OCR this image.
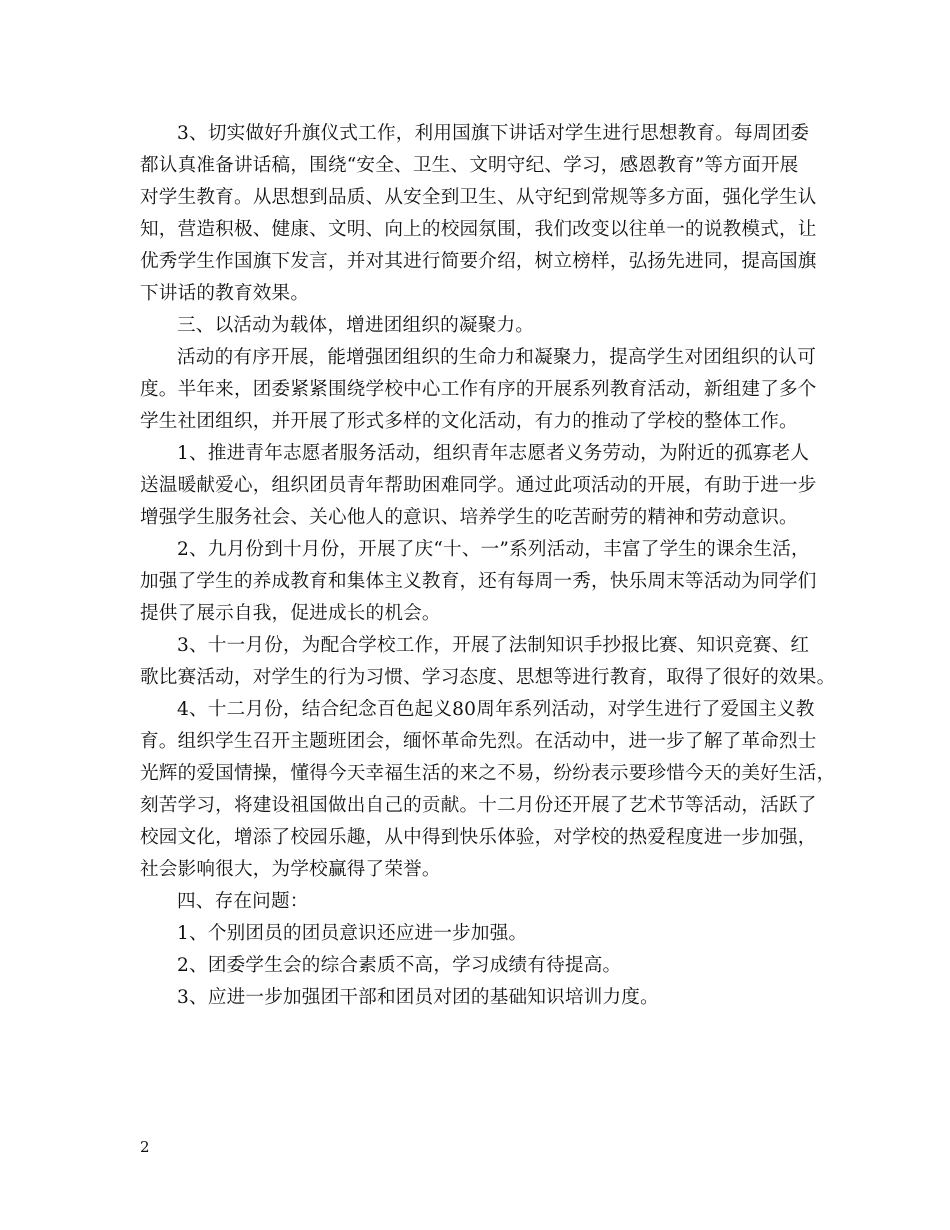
3、切实做好升旗仪式工作，利用国旗下讲话对学生进行思想教育。每周团委
都认真准备讲话稿，围绕“安全、卫生、文明守纪、学习，感恩教育”等方面开展
对学生教育。从思想到品质、从安全到卫生、从守纪到常规等多方面，强化学生认
知，营造积极、健康、文明、向上的校园氛围，我们改变以往单一的说教模式，让
优秀学生作国旗下发言，并对其进行简要介绍，树立榜样，弘扬先进同，提高国旗
下讲话的教育效果。
三、以活动为载体，增进团组织的凝聚力。
活动的有序开展，能增强团组织的生命力和凝聚力，提高学生对团组织的认可
度。半年来，团委紧紧围绕学校中心工作有序的开展系列教育活动，新组建了多个
学生社团组织，并开展了形式多样的文化活动，有力的推动了学校的整体工作。
1、推进青年志愿者服务活动，组织青年志愿者义务劳动，为附近的孤寡老人
送温暖献爱心，组织团员青年帮助困难同学。通过此项活动的开展，有助于进一步
增强学生服务社会、关心他人的意识、培养学生的吃苦耐劳的精神和劳动意识。
2、九月份到十月份，开展了庆“十、一”系列活动，丰富了学生的课余生活，
加强了学生的养成教育和集体主义教育，还有每周一秀，快乐周末等活动为同学们
提供了展示自我，促进成长的机会。
3、十一月份，为配合学校工作，开展了法制知识手抄报比赛、知识竞赛、红
歌比赛活动，对学生的行为习惯、学习态度、思想等进行教育，取得了很好的效果。
4、十二月份，结合纪念百色起义80周年系列活动，对学生进行了爱国主义教
育。组织学生召开主题班团会，缅怀革命先烈。在活动中，进一步了解了革命烈士
光辉的爱国情操，懂得今天幸福生活的来之不易，纷纷表示要珍惜今天的美好生活，
刻苦学习，将建设祖国做出自己的贡献。十二月份还开展了艺术节等活动，活跃了
校园文化，增添了校园乐趣，从中得到快乐体验，对学校的热爱程度进一步加强，
社会影响很大，为学校赢得了荣誉。
四、存在问题：
1、个别团员的团员意识还应进一步加强。
2、团委学生会的综合素质不高，学习成绩有待提高。
3、应进一步加强团干部和团员对团的基础知识培训力度。
2
